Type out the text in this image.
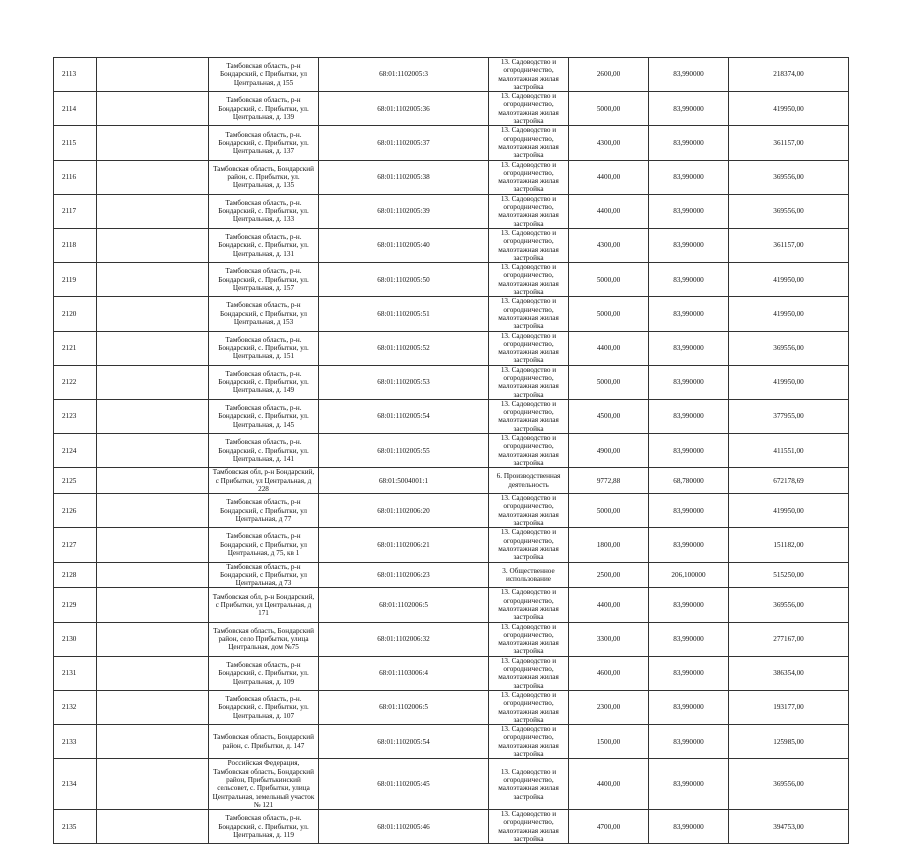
2113		Тамбовская область, р-н Бондарский, с Прибытки, ул Центральная, д 155	68:01:1102005:3	13. Садоводство и огородничество, малоэтажная жилая застройка	2600,00	83,990000	218374,00
2114		Тамбовская область, р-н Бондарский, с. Прибытки, ул. Центральная, д. 139	68:01:1102005:36	13. Садоводство и огородничество, малоэтажная жилая застройка	5000,00	83,990000	419950,00
2115		Тамбовская область, р-н. Бондарский, с. Прибытки, ул. Центральная, д. 137	68:01:1102005:37	13. Садоводство и огородничество, малоэтажная жилая застройка	4300,00	83,990000	361157,00
2116		Тамбовская область, Бондарский район, с. Прибытки, ул. Центральная, д. 135	68:01:1102005:38	13. Садоводство и огородничество, малоэтажная жилая застройка	4400,00	83,990000	369556,00
2117		Тамбовская область, р-н. Бондарский, с. Прибытки, ул. Центральная, д. 133	68:01:1102005:39	13. Садоводство и огородничество, малоэтажная жилая застройка	4400,00	83,990000	369556,00
2118		Тамбовская область, р-н. Бондарский, с. Прибытки, ул. Центральная, д. 131	68:01:1102005:40	13. Садоводство и огородничество, малоэтажная жилая застройка	4300,00	83,990000	361157,00
2119		Тамбовская область, р-н. Бондарский, с. Прибытки, ул. Центральная, д. 157	68:01:1102005:50	13. Садоводство и огородничество, малоэтажная жилая застройка	5000,00	83,990000	419950,00
2120		Тамбовская область, р-н Бондарский, с Прибытки, ул Центральная, д 153	68:01:1102005:51	13. Садоводство и огородничество, малоэтажная жилая застройка	5000,00	83,990000	419950,00
2121		Тамбовская область, р-н. Бондарский, с. Прибытки, ул. Центральная, д. 151	68:01:1102005:52	13. Садоводство и огородничество, малоэтажная жилая застройка	4400,00	83,990000	369556,00
2122		Тамбовская область, р-н. Бондарский, с. Прибытки, ул. Центральная, д. 149	68:01:1102005:53	13. Садоводство и огородничество, малоэтажная жилая застройка	5000,00	83,990000	419950,00
2123		Тамбовская область, р-н. Бондарский, с. Прибытки, ул. Центральная, д. 145	68:01:1102005:54	13. Садоводство и огородничество, малоэтажная жилая застройка	4500,00	83,990000	377955,00
2124		Тамбовская область, р-н. Бондарский, с. Прибытки, ул. Центральная, д. 141	68:01:1102005:55	13. Садоводство и огородничество, малоэтажная жилая застройка	4900,00	83,990000	411551,00
2125		Тамбовская обл, р-н Бондарский, с Прибытки, ул Центральная, д 228	68:01:5004001:1	6. Производственная деятельность	9772,88	68,780000	672178,69
2126		Тамбовская область, р-н Бондарский, с Прибытки, ул Центральная, д 77	68:01:1102006:20	13. Садоводство и огородничество, малоэтажная жилая застройка	5000,00	83,990000	419950,00
2127		Тамбовская область, р-н Бондарский, с Прибытки, ул Центральная, д 75, кв 1	68:01:1102006:21	13. Садоводство и огородничество, малоэтажная жилая застройка	1800,00	83,990000	151182,00
2128		Тамбовская область, р-н Бондарский, с Прибытки, ул Центральная, д 73	68:01:1102006:23	3. Общественное использование	2500,00	206,100000	515250,00
2129		Тамбовская обл, р-н Бондарский, с Прибытки, ул Центральная, д 171	68:01:1102006:5	13. Садоводство и огородничество, малоэтажная жилая застройка	4400,00	83,990000	369556,00
2130		Тамбовская область, Бондарский район, село Прибытки, улица Центральная, дом №75	68:01:1102006:32	13. Садоводство и огородничество, малоэтажная жилая застройка	3300,00	83,990000	277167,00
2131		Тамбовская область, р-н Бондарский, с. Прибытки, ул. Центральная, д. 109	68:01:1103006:4	13. Садоводство и огородничество, малоэтажная жилая застройка	4600,00	83,990000	386354,00
2132		Тамбовская область, р-н. Бондарский, с. Прибытки, ул. Центральная, д. 107	68:01:1102006:5	13. Садоводство и огородничество, малоэтажная жилая застройка	2300,00	83,990000	193177,00
2133		Тамбовская область, Бондарский район, с. Прибытки, д. 147	68:01:1102005:54	13. Садоводство и огородничество, малоэтажная жилая застройка	1500,00	83,990000	125985,00
2134		Российская Федерация, Тамбовская область, Бондарский район, Прибытькинский сельсовет, с. Прибытки, улица Центральная, земельный участок № 121	68:01:1102005:45	13. Садоводство и огородничество, малоэтажная жилая застройка	4400,00	83,990000	369556,00
2135		Тамбовская область, р-н. Бондарский, с. Прибытки, ул. Центральная, д. 119	68:01:1102005:46	13. Садоводство и огородничество, малоэтажная жилая застройка	4700,00	83,990000	394753,00
